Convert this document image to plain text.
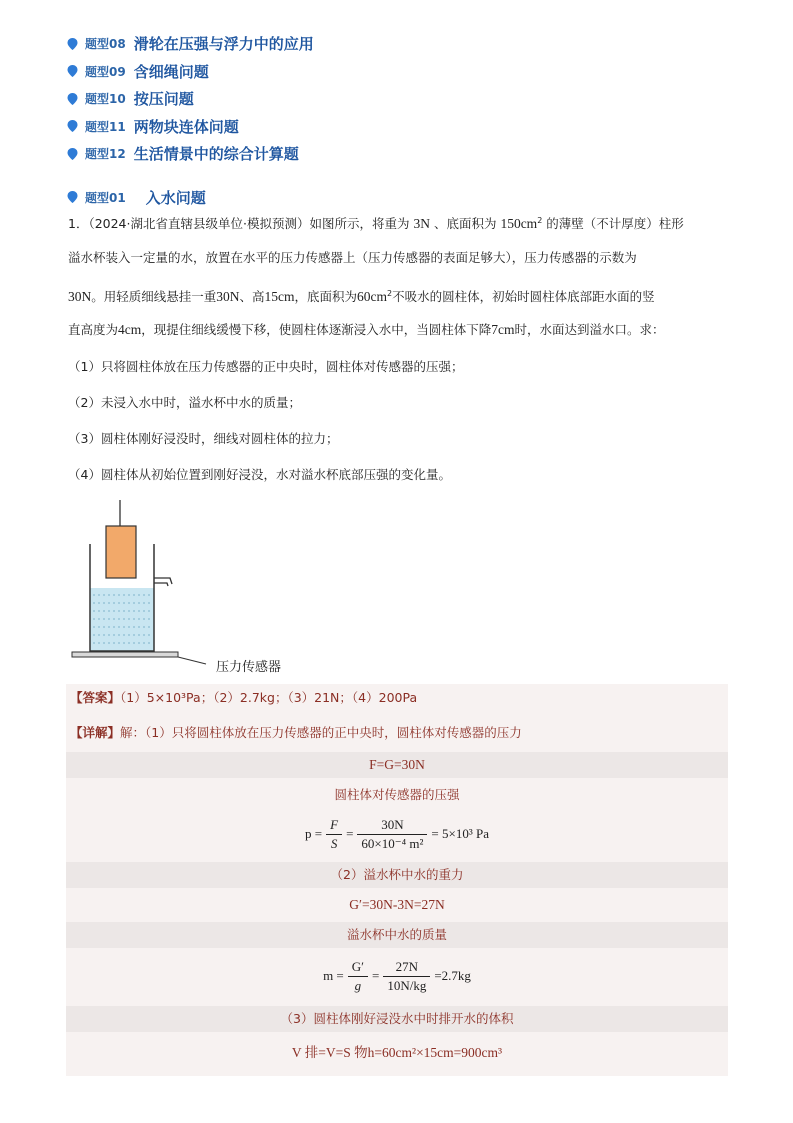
题型08 滑轮在压强与浮力中的应用
题型09 含细绳问题
题型10 按压问题
题型11 两物块连体问题
题型12 生活情景中的综合计算题
题型01 入水问题
1．（2024·湖北省直辖县级单位·模拟预测）如图所示，将重为 3N 、底面积为 $150cm^2$ 的薄壁（不计厚度）柱形
溢水杯装入一定量的水，放置在水平的压力传感器上（压力传感器的表面足够大），压力传感器的示数为
30N。用轻质细线悬挂一重30N、高15cm，底面积为$60cm^2$不吸水的圆柱体，初始时圆柱体底部距水面的竖
直高度为4cm，现提住细线缓慢下移，使圆柱体逐渐浸入水中，当圆柱体下降7cm时，水面达到溢水口。求：
（1）只将圆柱体放在压力传感器的正中央时，圆柱体对传感器的压强；
（2）未浸入水中时，溢水杯中水的质量；
（3）圆柱体刚好浸没时，细线对圆柱体的拉力；
（4）圆柱体从初始位置到刚好浸没，水对溢水杯底部压强的变化量。
压力传感器
【答案】（1）5×10³Pa；（2）2.7kg；（3）21N；（4）200Pa
【详解】解：（1）只将圆柱体放在压力传感器的正中央时，圆柱体对传感器的压力
F=G=30N
圆柱体对传感器的压强
$p = \frac{F}{S} = \frac{30N}{\text{60×10⁻⁴ m²}} = 5\times 10^3$ Pa
（2）溢水杯中水的重力
G′=30N-3N=27N
溢水杯中水的质量
$m = \frac{G'}{g} = \frac{27N}{10N/kg} =2.7kg$
（3）圆柱体刚好浸没水中时排开水的体积
V 排=V=S 物h=60cm²×15cm=900cm³
